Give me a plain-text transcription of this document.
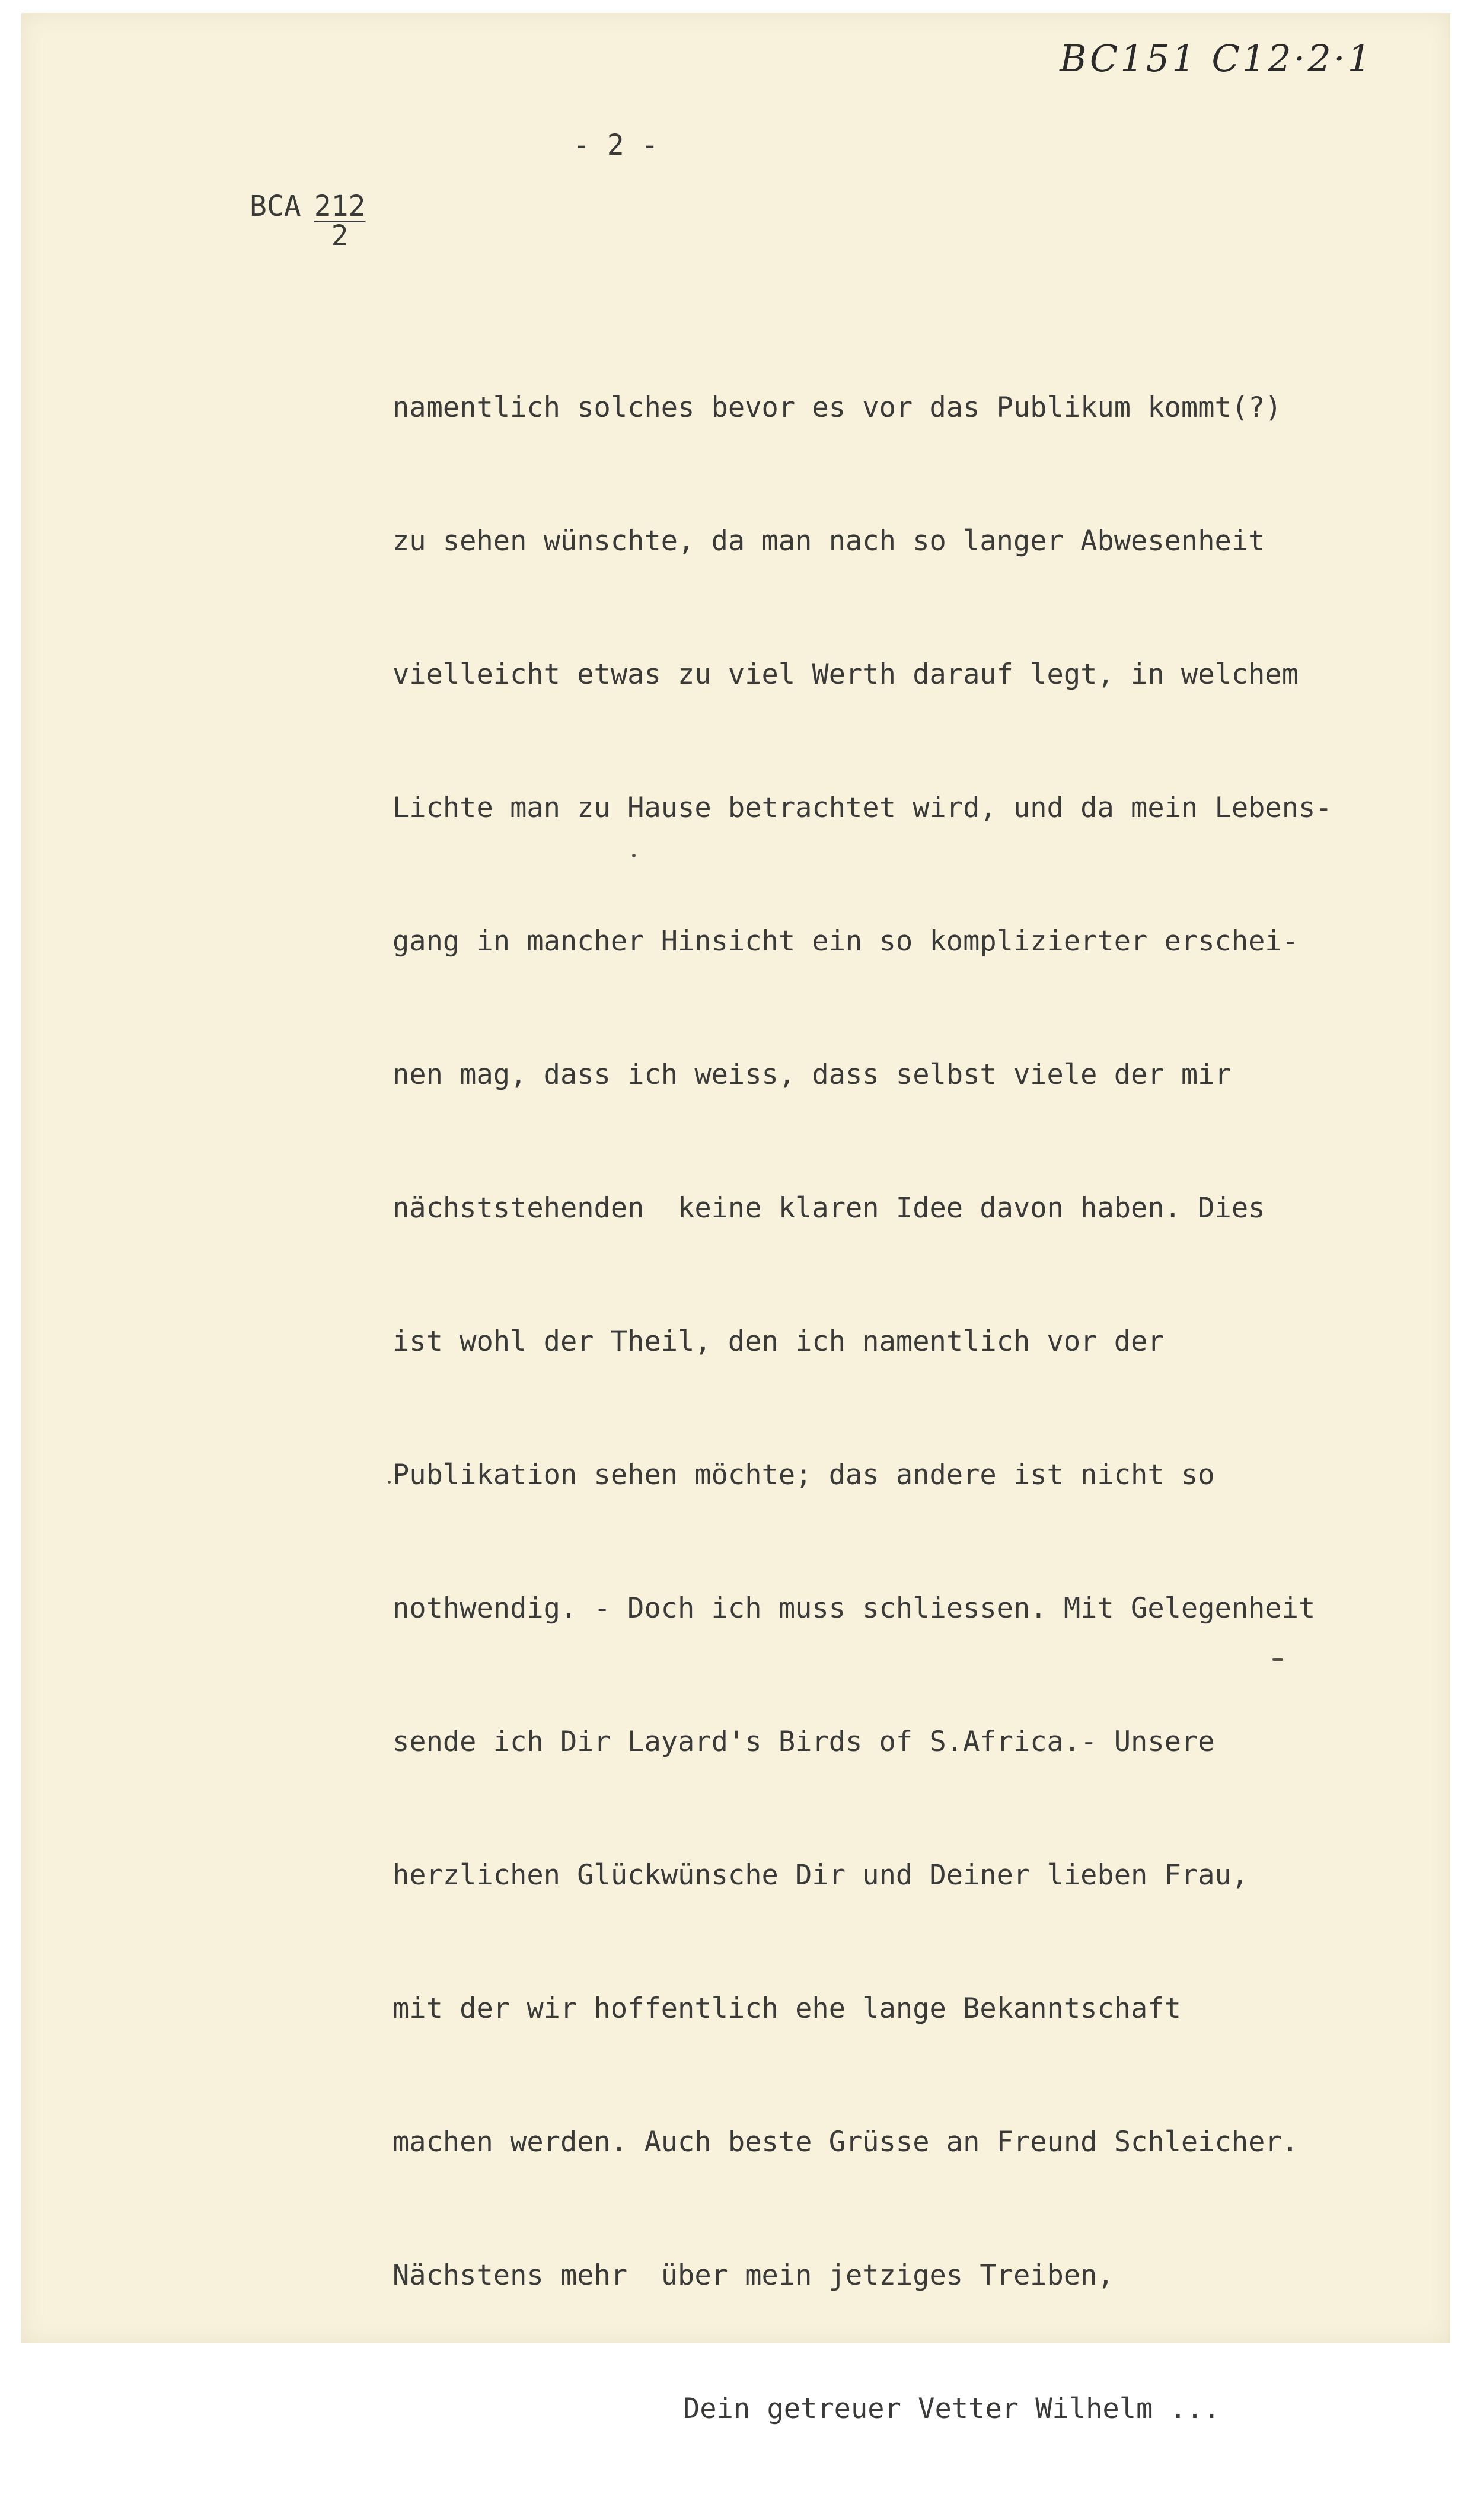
BC151 C12·2·1
- 2 -
BCA $\frac{212}{2}$

namentlich solches bevor es vor das Publikum kommt(?)

zu sehen wünschte, da man nach so langer Abwesenheit

vielleicht etwas zu viel Werth darauf legt, in welchem

Lichte man zu Hause betrachtet wird, und da mein Lebens-

gang in mancher Hinsicht ein so komplizierter erschei-

nen mag, dass ich weiss, dass selbst viele der mir

nächststehenden  keine klaren Idee davon haben. Dies

ist wohl der Theil, den ich namentlich vor der

Publikation sehen möchte; das andere ist nicht so

nothwendig. - Doch ich muss schliessen. Mit Gelegenheit

sende ich Dir Layard's Birds of S.Africa.- Unsere

herzlichen Glückwünsche Dir und Deiner lieben Frau,

mit der wir hoffentlich ehe lange Bekanntschaft

machen werden. Auch beste Grüsse an Freund Schleicher.

Nächstens mehr  über mein jetziges Treiben,

Dein getreuer Vetter Wilhelm ...
